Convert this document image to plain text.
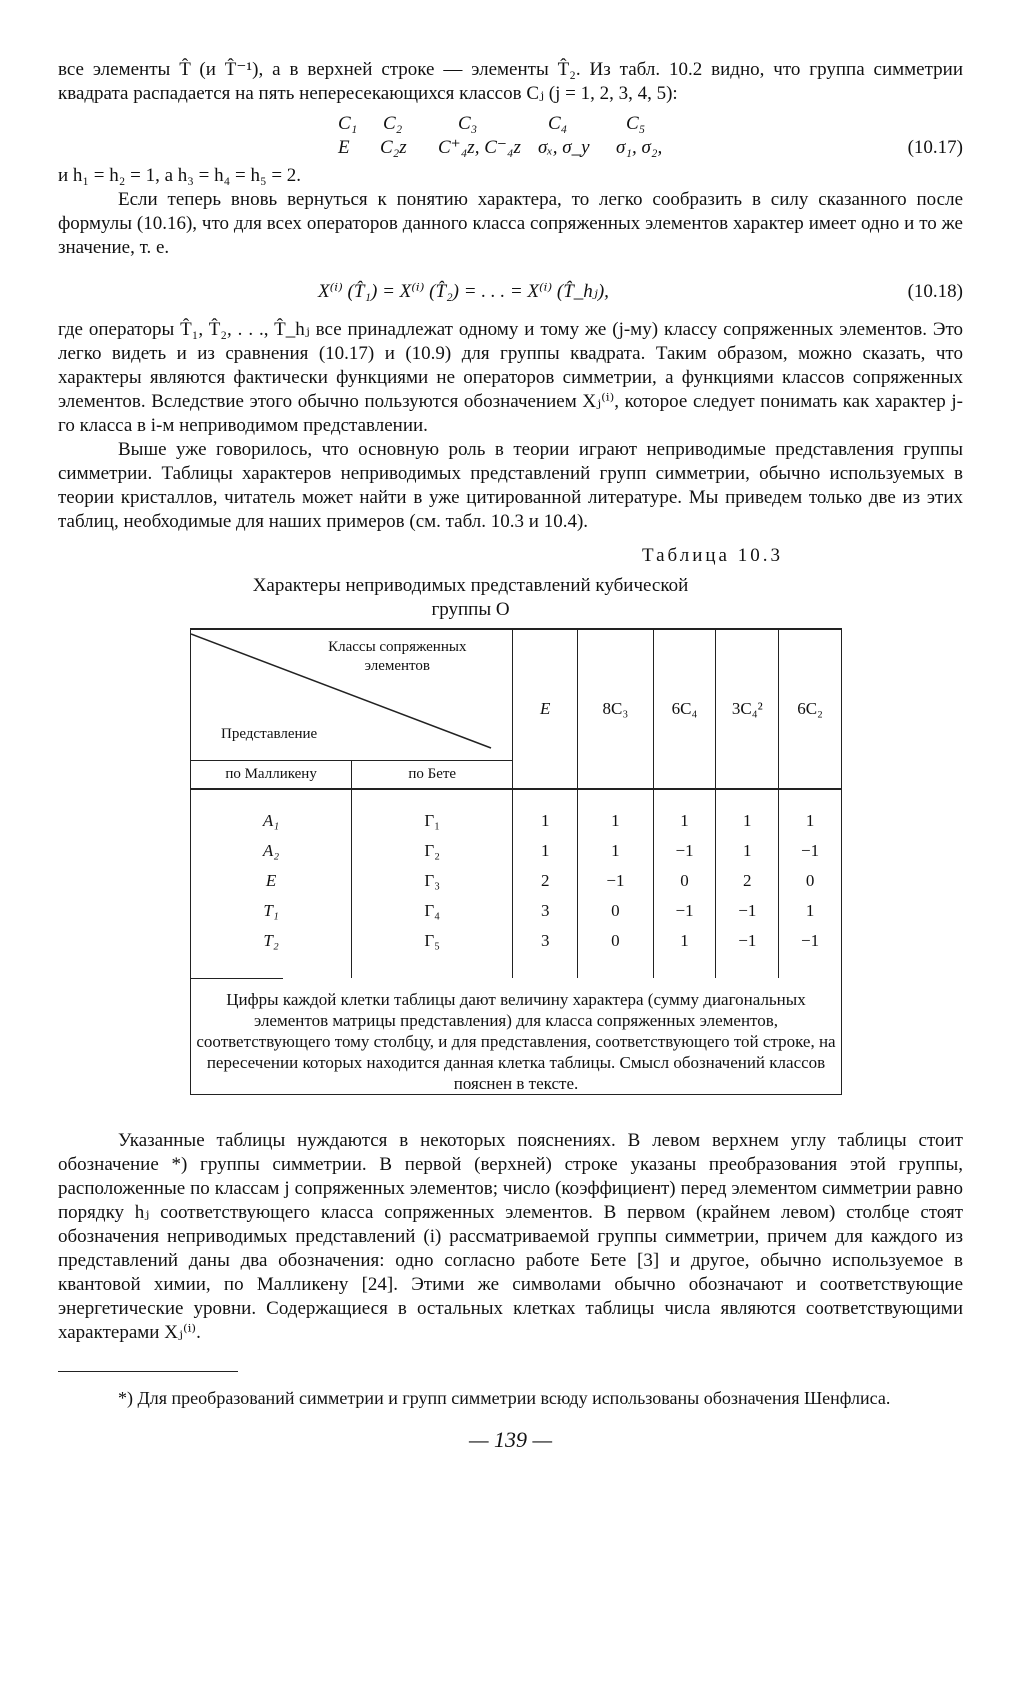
все элементы T̂ (и T̂⁻¹), а в верхней строке — элементы T̂₂. Из табл. 10.2 видно, что группа симметрии квадрата распадается на пять непересекающихся классов Cⱼ (j = 1, 2, 3, 4, 5):

C₁ C₂	C₃	C₄	C₅
E C₂z C⁺₄z, C⁻₄z σₓ, σ_y σ₁, σ₂,	(10.17)

и h₁ = h₂ = 1, а h₃ = h₄ = h₅ = 2.

Если теперь вновь вернуться к понятию характера, то легко сообразить в силу сказанного после формулы (10.16), что для всех операторов данного класса сопряженных элементов характер имеет одно и то же значение, т. е.

X⁽ⁱ⁾ (T̂₁) = X⁽ⁱ⁾ (T̂₂) = . . . = X⁽ⁱ⁾ (T̂_hⱼ),	(10.18)

где операторы T̂₁, T̂₂, . . ., T̂_hⱼ все принадлежат одному и тому же (j-му) классу сопряженных элементов. Это легко видеть и из сравнения (10.17) и (10.9) для группы квадрата. Таким образом, можно сказать, что характеры являются фактически функциями не операторов симметрии, а функциями классов сопряженных элементов. Вследствие этого обычно пользуются обозначением Xⱼ⁽ⁱ⁾, которое следует понимать как характер j-го класса в i-м неприводимом представлении.

Выше уже говорилось, что основную роль в теории играют неприводимые представления группы симметрии. Таблицы характеров неприводимых представлений групп симметрии, обычно используемых в теории кристаллов, читатель может найти в уже цитированной литературе. Мы приведем только две из этих таблиц, необходимые для наших примеров (см. табл. 10.3 и 10.4).

Таблица 10.3
Характеры неприводимых представлений кубической
группы O
Классы сопряженных элементов
Представление		E	8C₃	6C₄	3C₄²	6C₂
по Малликену	по Бете					
A₁	Γ₁	1	1	1	1	1
A₂	Γ₂	1	1	−1	1	−1
E	Γ₃	2	−1	0	2	0
T₁	Γ₄	3	0	−1	−1	1
T₂	Γ₅	3	0	1	−1	−1

Цифры каждой клетки таблицы дают величину характера (сумму диагональных элементов матрицы представления) для класса сопряженных элементов, соответствующего тому столбцу, и для представления, соответствующего той строке, на пересечении которых находится данная клетка таблицы. Смысл обозначений классов пояснен в тексте.						

Указанные таблицы нуждаются в некоторых пояснениях. В левом верхнем углу таблицы стоит обозначение *) группы симметрии. В первой (верхней) строке указаны преобразования этой группы, расположенные по классам j сопряженных элементов; число (коэффициент) перед элементом симметрии равно порядку hⱼ соответствующего класса сопряженных элементов. В первом (крайнем левом) столбце стоят обозначения неприводимых представлений (i) рассматриваемой группы симметрии, причем для каждого из представлений даны два обозначения: одно согласно работе Бете [3] и другое, обычно используемое в квантовой химии, по Малликену [24]. Этими же символами обычно обозначают и соответствующие энергетические уровни. Содержащиеся в остальных клетках таблицы числа являются соответствующими характерами Xⱼ⁽ⁱ⁾.

*) Для преобразований симметрии и групп симметрии всюду использованы обозначения Шенфлиса.

— 139 —
